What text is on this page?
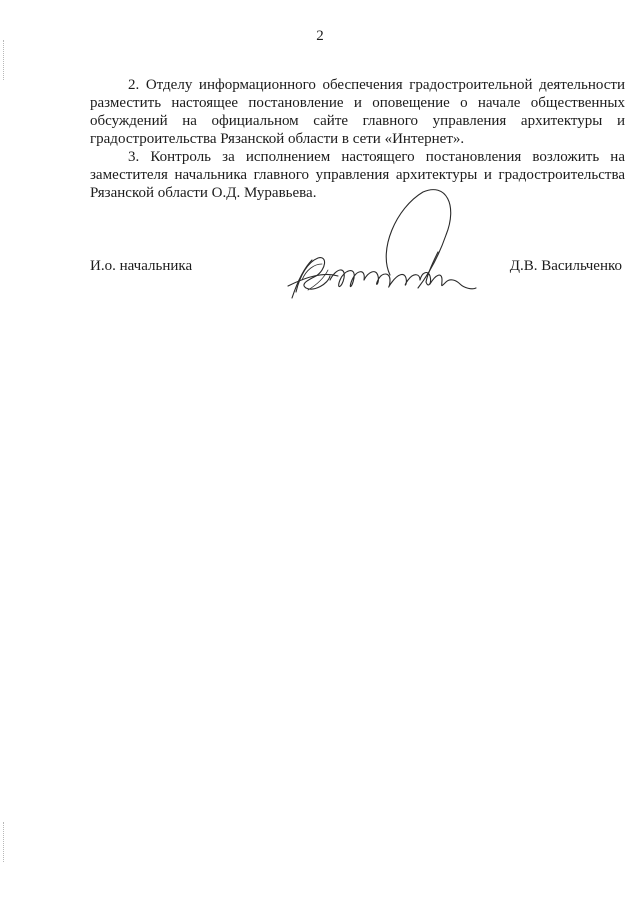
2

2. Отделу информационного обеспечения градостроительной деятельности разместить настоящее постановление и оповещение о начале общественных обсуждений на официальном сайте главного управления архитектуры и градостроительства Рязанской области в сети «Интернет».

3. Контроль за исполнением настоящего постановления возложить на заместителя начальника главного управления архитектуры и градостроительства Рязанской области О.Д. Муравьева.

И.о. начальника	Д.В. Васильченко
